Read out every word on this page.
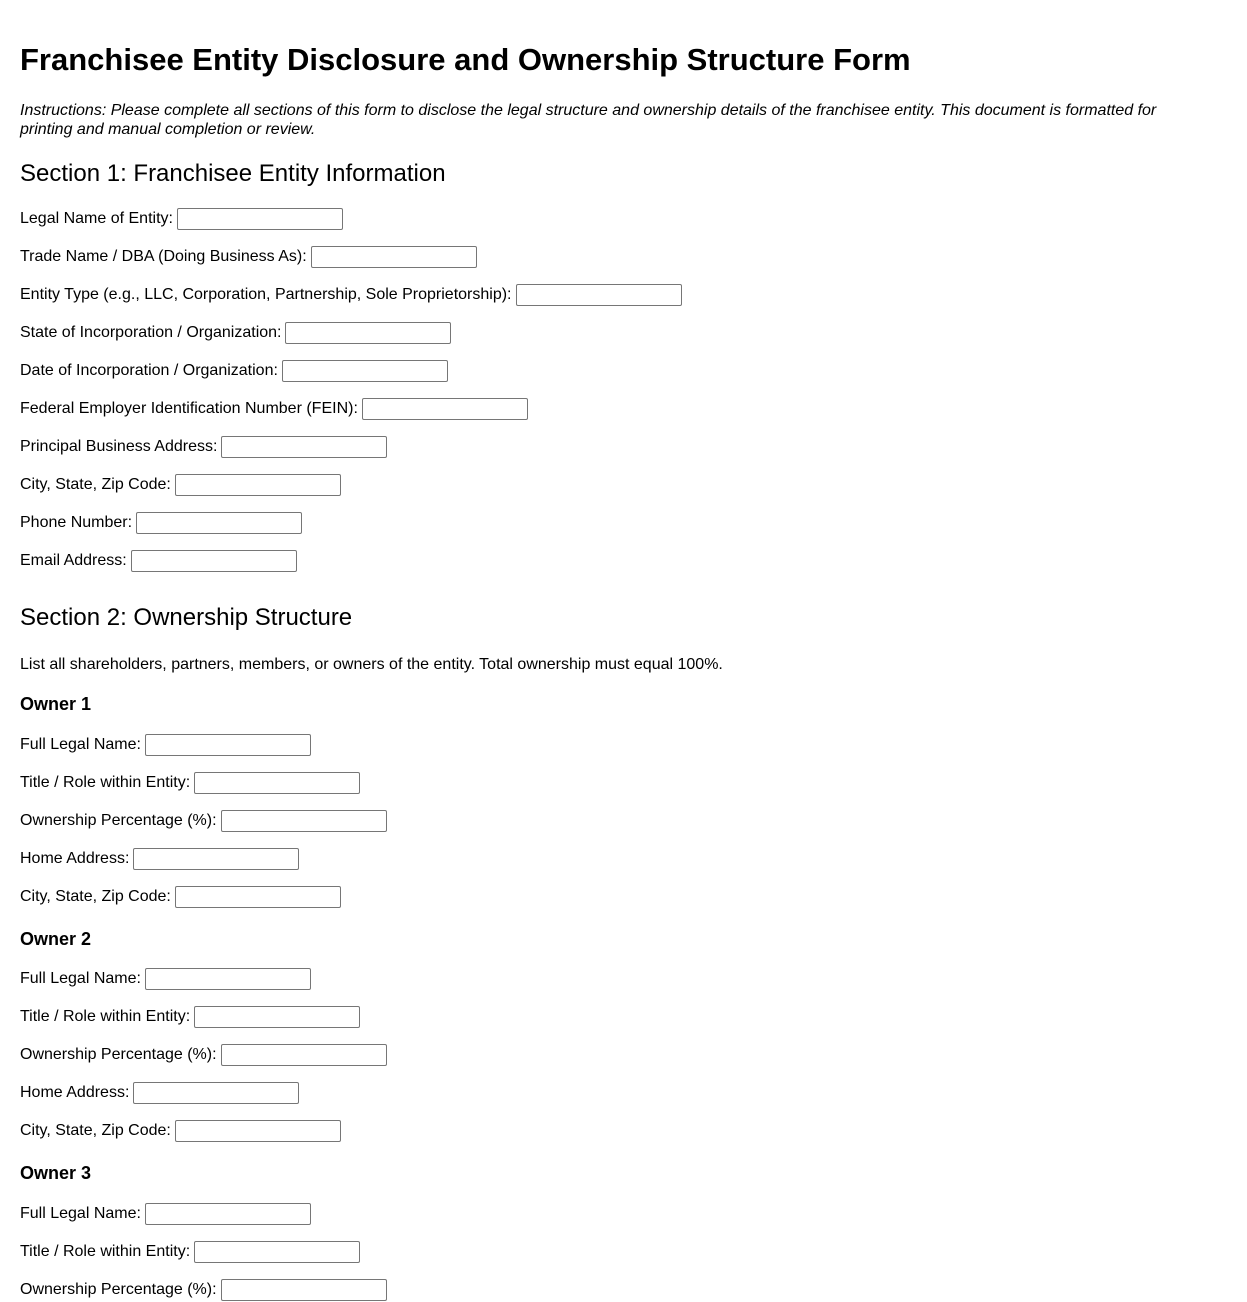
Franchisee Entity Disclosure and Ownership Structure Form

Instructions: Please complete all sections of this form to disclose the legal structure and ownership details of the franchisee entity. This document is formatted for printing and manual completion or review.

Section 1: Franchisee Entity Information
Legal Name of Entity:
Trade Name / DBA (Doing Business As):
Entity Type (e.g., LLC, Corporation, Partnership, Sole Proprietorship):
State of Incorporation / Organization:
Date of Incorporation / Organization:
Federal Employer Identification Number (FEIN):
Principal Business Address:
City, State, Zip Code:
Phone Number:
Email Address:
Section 2: Ownership Structure
List all shareholders, partners, members, or owners of the entity. Total ownership must equal 100%.
Owner 1
Full Legal Name:
Title / Role within Entity:
Ownership Percentage (%):
Home Address:
City, State, Zip Code:
Owner 2
Full Legal Name:
Title / Role within Entity:
Ownership Percentage (%):
Home Address:
City, State, Zip Code:
Owner 3
Full Legal Name:
Title / Role within Entity:
Ownership Percentage (%):
